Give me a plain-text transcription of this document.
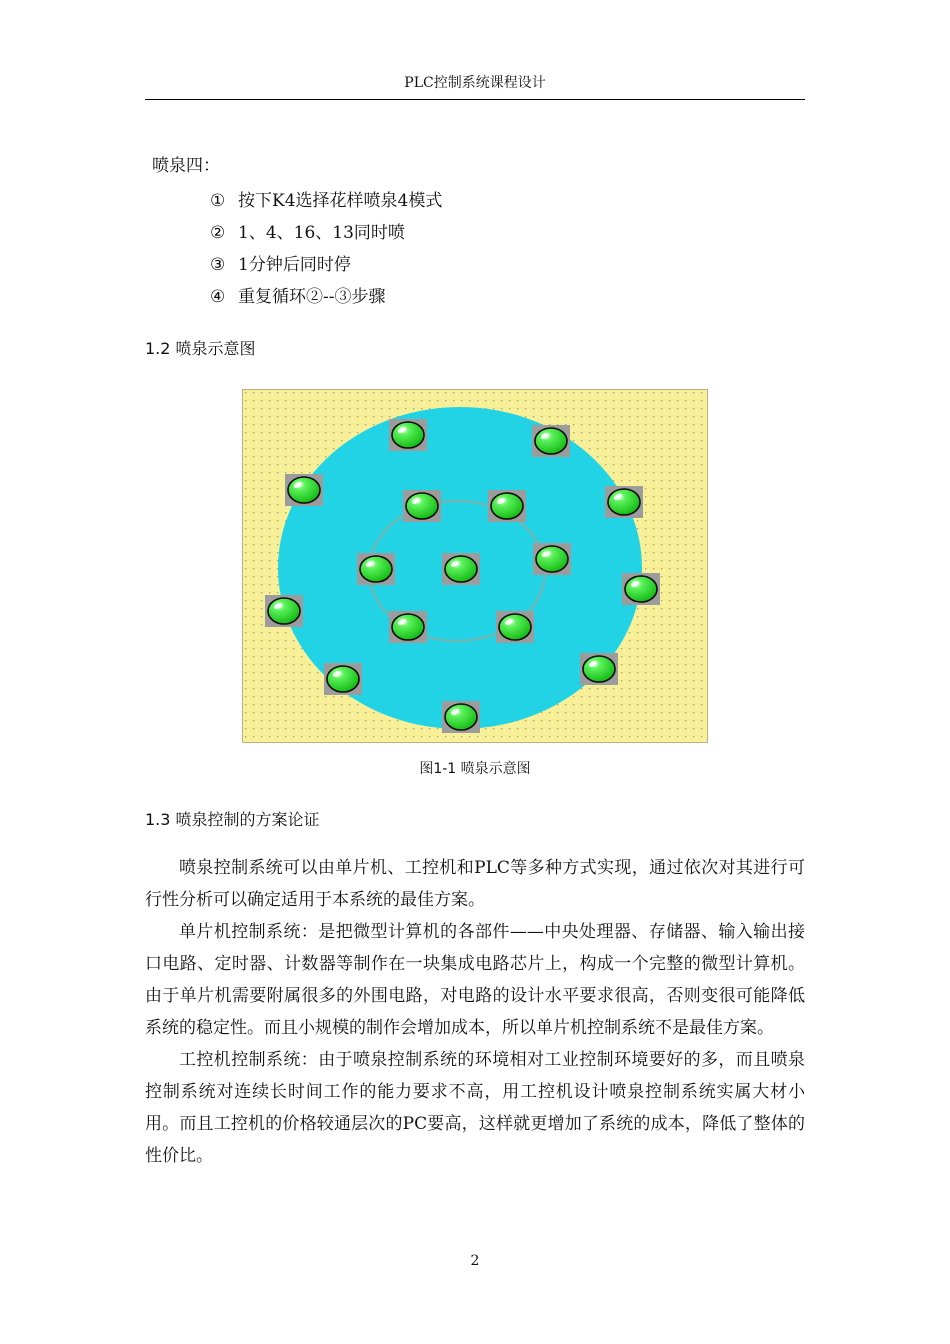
PLC控制系统课程设计
喷泉四：
① 按下K4选择花样喷泉4模式
② 1、4、16、13同时喷
③ 1分钟后同时停
④ 重复循环②--③步骤
1.2 喷泉示意图
图1-1 喷泉示意图
1.3 喷泉控制的方案论证

喷泉控制系统可以由单片机、工控机和PLC等多种方式实现，通过依次对其进行可行性分析可以确定适用于本系统的最佳方案。

单片机控制系统：是把微型计算机的各部件——中央处理器、存储器、输入输出接口电路、定时器、计数器等制作在一块集成电路芯片上，构成一个完整的微型计算机。由于单片机需要附属很多的外围电路，对电路的设计水平要求很高，否则变很可能降低系统的稳定性。而且小规模的制作会增加成本，所以单片机控制系统不是最佳方案。

工控机控制系统：由于喷泉控制系统的环境相对工业控制环境要好的多，而且喷泉控制系统对连续长时间工作的能力要求不高，用工控机设计喷泉控制系统实属大材小用。而且工控机的价格较通层次的PC要高，这样就更增加了系统的成本，降低了整体的性价比。

2
